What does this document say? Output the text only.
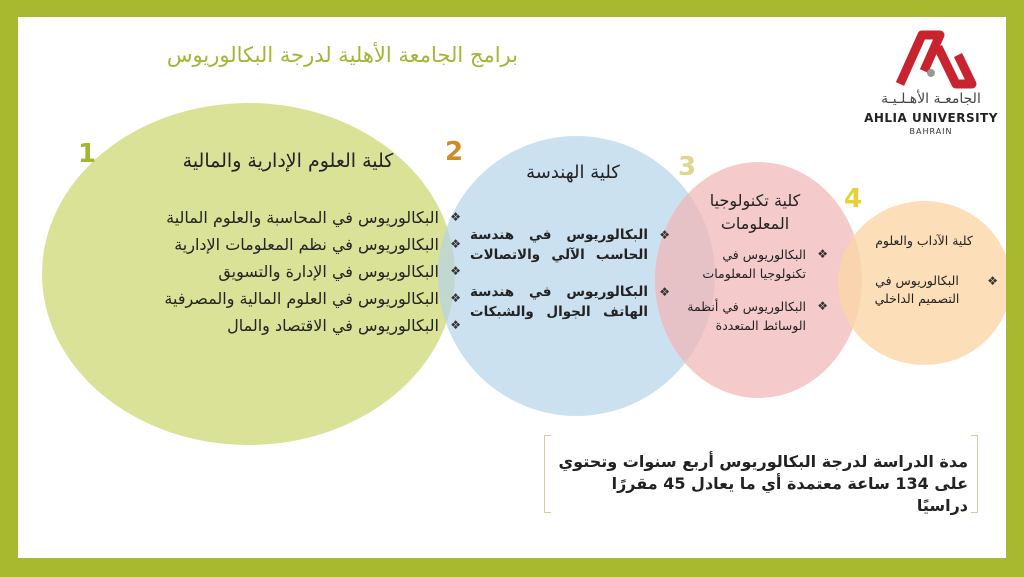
برامج الجامعة الأهلية لدرجة البكالوريوس
الجامعـة الأهـلـيـة
AHLIA UNIVERSITY
BAHRAIN
1	2	3
4
كلية العلوم الإدارية والمالية
كلية الهندسة
كلية تكنولوجيا المعلومات
كلية الآداب والعلوم
❖
البكالوريوس في المحاسبة والعلوم المالية
❖
البكالوريوس في نظم المعلومات الإدارية
❖
البكالوريوس في الإدارة والتسويق
❖
البكالوريوس في العلوم المالية والمصرفية
❖
البكالوريوس في الاقتصاد والمال
❖
البكالوريوس في هندسة الحاسب الآلي والاتصالات
❖
البكالوريوس في هندسة الهاتف الجوال والشبكات
❖
البكالوريوس في تكنولوجيا المعلومات
❖
البكالوريوس في أنظمة الوسائط المتعددة
❖
البكالوريوس في التصميم الداخلي
مدة الدراسة لدرجة البكالوريوس أربع سنوات وتحتوي على 134 ساعة معتمدة أي ما يعادل 45 مقررًا دراسيًا
